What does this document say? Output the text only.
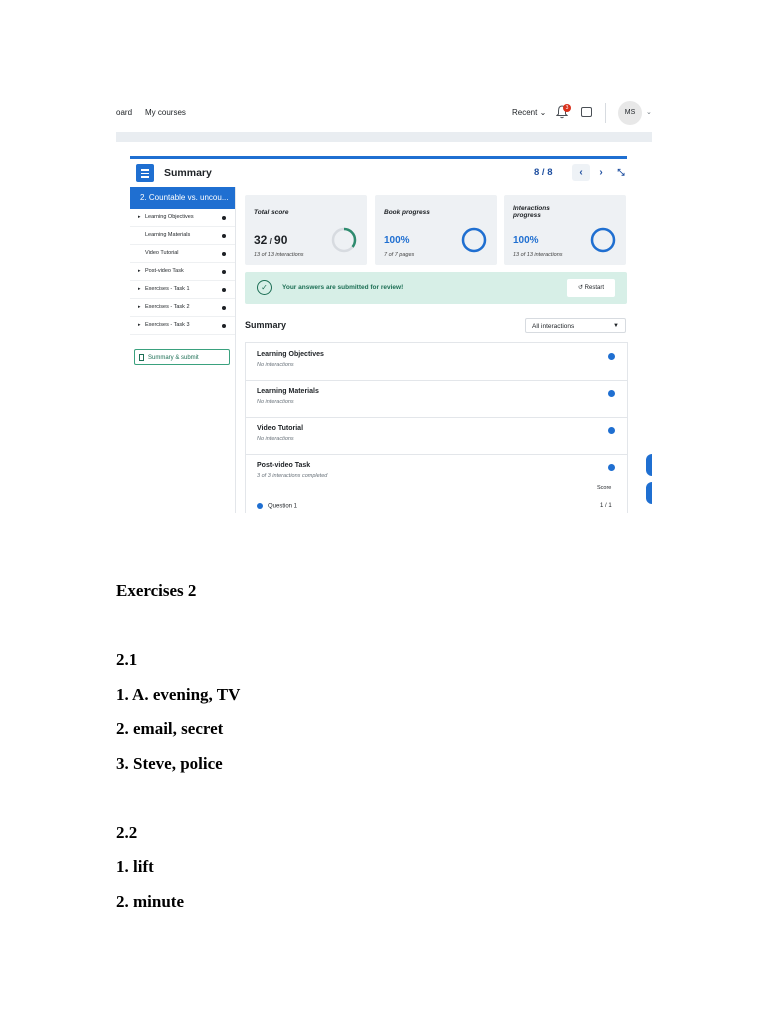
oard My courses	Recent ⌄	3
MS	⌄
Summary	8 / 8	‹	›	⤡
2. Countable vs. uncou...
▸ Learning Objectives
Learning Materials
Video Tutorial
▸ Post-video Task
▸ Exercises - Task 1
▸ Exercises - Task 2
▸ Exercises - Task 3
Summary & submit
Total score
32 / 90
13 of 13 interactions
Book progress
100%
7 of 7 pages
Interactions progress
100%
13 of 13 interactions
✓	Your answers are submitted for review!	↺ Restart
Summary	All interactions	▼
Learning Objectives
No interactions
Learning Materials
No interactions
Video Tutorial
No interactions
Post-video Task
3 of 3 interactions completed
Score
Question 1	1 / 1
Exercises 2
2.1
1. A. evening, TV
2. email, secret
3. Steve, police
2.2
1. lift
2. minute
